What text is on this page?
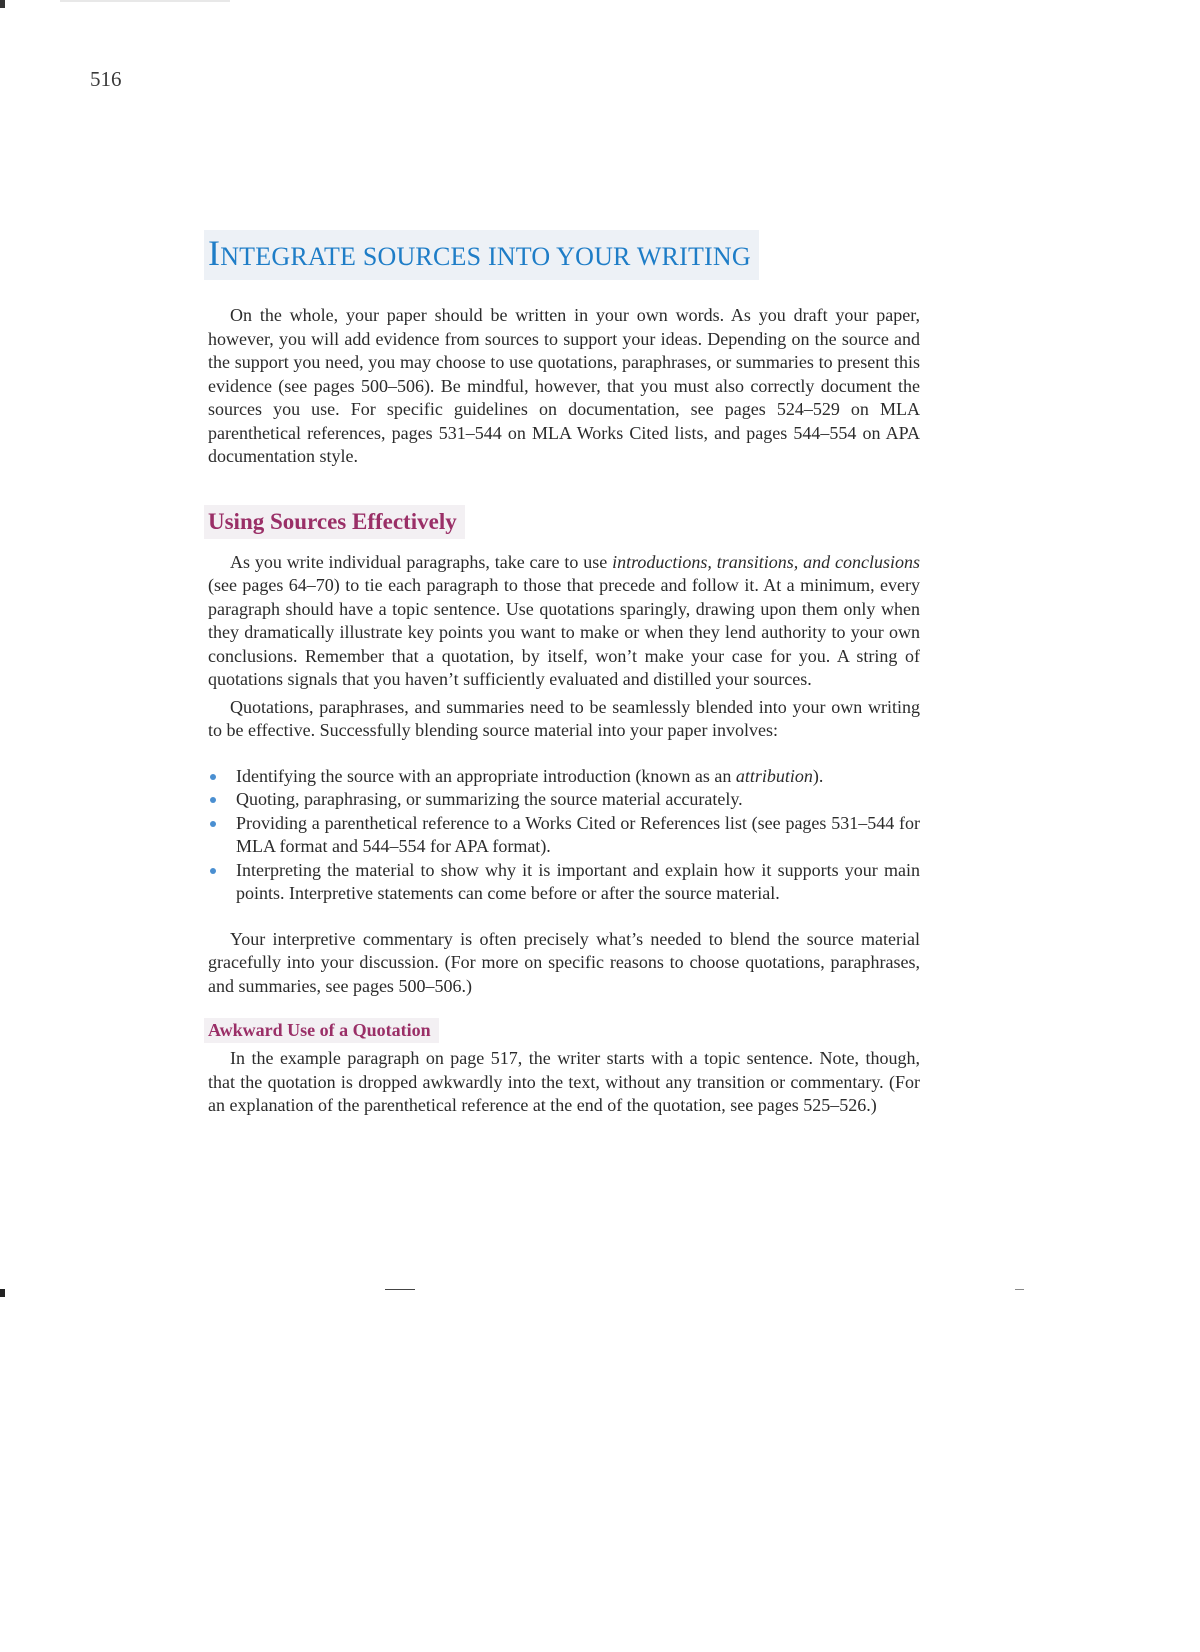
516
INTEGRATE SOURCES INTO YOUR WRITING

On the whole, your paper should be written in your own words. As you draft your paper, however, you will add evidence from sources to support your ideas. Depending on the source and the support you need, you may choose to use quotations, paraphrases, or summaries to present this evidence (see pages 500–506). Be mindful, however, that you must also correctly document the sources you use. For specific guidelines on documentation, see pages 524–529 on MLA parenthetical references, pages 531–544 on MLA Works Cited lists, and pages 544–554 on APA documentation style.

Using Sources Effectively

As you write individual paragraphs, take care to use introductions, transitions, and conclusions (see pages 64–70) to tie each paragraph to those that precede and follow it. At a minimum, every paragraph should have a topic sentence. Use quotations sparingly, drawing upon them only when they dramatically illustrate key points you want to make or when they lend authority to your own conclusions. Remember that a quotation, by itself, won’t make your case for you. A string of quotations signals that you haven’t sufficiently evaluated and distilled your sources.

Quotations, paraphrases, and summaries need to be seamlessly blended into your own writing to be effective. Successfully blending source material into your paper involves:

Identifying the source with an appropriate introduction (known as an attribution).
Quoting, paraphrasing, or summarizing the source material accurately.
Providing a parenthetical reference to a Works Cited or References list (see pages 531–544 for MLA format and 544–554 for APA format).
Interpreting the material to show why it is important and explain how it supports your main points. Interpretive statements can come before or after the source material.

Your interpretive commentary is often precisely what’s needed to blend the source material gracefully into your discussion. (For more on specific reasons to choose quotations, paraphrases, and summaries, see pages 500–506.)

Awkward Use of a Quotation

In the example paragraph on page 517, the writer starts with a topic sentence. Note, though, that the quotation is dropped awkwardly into the text, without any transition or commentary. (For an explanation of the parenthetical reference at the end of the quotation, see pages 525–526.)
